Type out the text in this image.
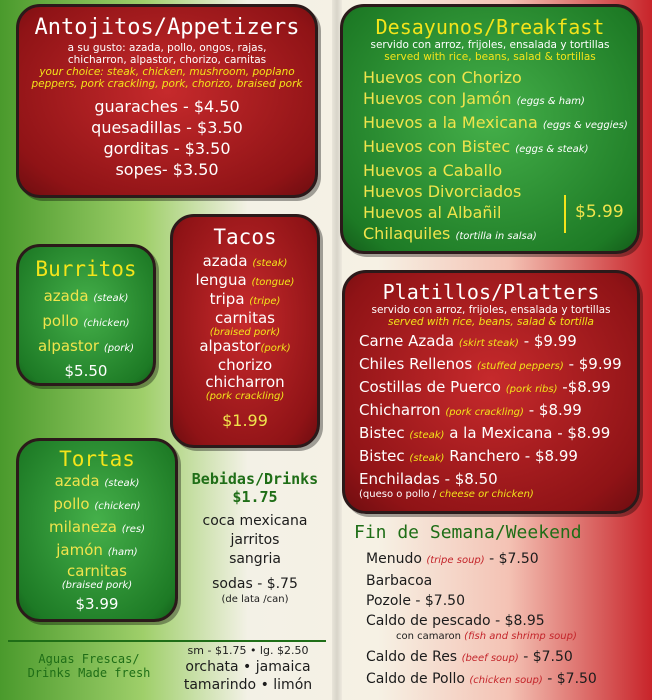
Antojitos/Appetizers
a su gusto: azada, pollo, ongos, rajas,
chicharron, alpastor, chorizo, carnitas
your choice: steak, chicken, mushroom, poplano
peppers, pork crackling, pork, chorizo, braised pork
guaraches - $4.50
quesadillas - $3.50
gorditas - $3.50
sopes- $3.50
Desayunos/Breakfast
servido con arroz, frijoles, ensalada y tortillas
served with rice, beans, salad & tortillas
Huevos con Chorizo
Huevos con Jamón (eggs & ham)
Huevos a la Mexicana (eggs & veggies)
Huevos con Bistec (eggs & steak)
Huevos a Caballo
Huevos Divorciados
Huevos al Albañil
Chilaquiles (tortilla in salsa)
$5.99
Tacos
azada (steak)
lengua (tongue)
tripa (tripe)
carnitas
(braised pork)
alpastor(pork)
chorizo
chicharron
(pork crackling)
$1.99
Burritos
azada (steak)
pollo (chicken)
alpastor (pork)
$5.50
Platillos/Platters
servido con arroz, frijoles, ensalada y tortillas
served with rice, beans, salad & tortilla
Carne Azada (skirt steak) - $9.99
Chiles Rellenos (stuffed peppers) - $9.99
Costillas de Puerco (pork ribs) -$8.99
Chicharron (pork crackling) - $8.99
Bistec (steak) a la Mexicana - $8.99
Bistec (steak) Ranchero - $8.99
Enchiladas - $8.50
(queso o pollo / cheese or chicken)
Tortas
azada (steak)
pollo (chicken)
milaneza (res)
jamón (ham)
carnitas
(braised pork)
$3.99
Bebidas/Drinks
$1.75
coca mexicana
jarritos
sangria
sodas - $.75
(de lata /can)
Fin de Semana/Weekend
Menudo (tripe soup) - $7.50
Barbacoa
Pozole - $7.50
Caldo de pescado - $8.95
con camaron (fish and shrimp soup)
Caldo de Res (beef soup) - $7.50
Caldo de Pollo (chicken soup) - $7.50
Aguas Frescas/
Drinks Made fresh
sm - $1.75 • lg. $2.50
orchata • jamaica
tamarindo • limón
